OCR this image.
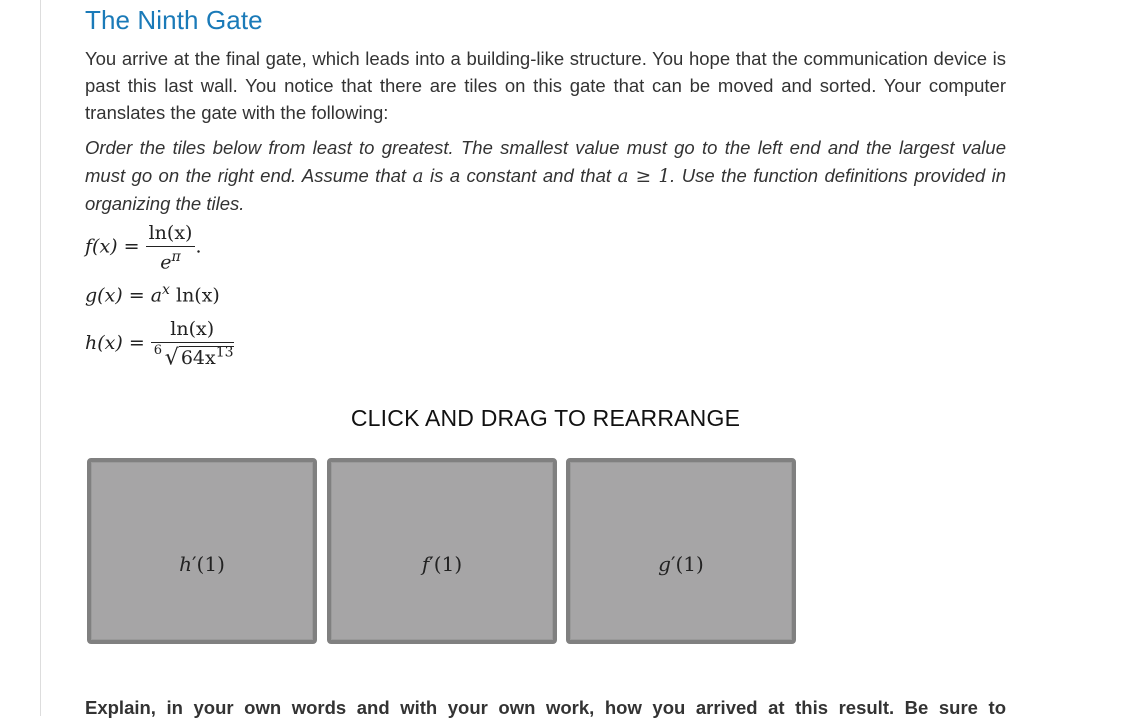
The Ninth Gate

You arrive at the final gate, which leads into a building-like structure. You hope that the communication device is past this last wall. You notice that there are tiles on this gate that can be moved and sorted. Your computer translates the gate with the following:

Order the tiles below from least to greatest. The smallest value must go to the left end and the largest value must go on the right end. Assume that a is a constant and that a ≥ 1. Use the function definitions provided in organizing the tiles.

$f(x) = \frac{\ln(x)}{e^\pi}$ .
$g(x) = a^x$ ln(x)
$h(x) = \frac{\ln(x)}{6 √ 64x^{13}}$
CLICK AND DRAG TO REARRANGE
h′(1)	f′(1)	g′(1)

Explain, in your own words and with your own work, how you arrived at this result. Be sure to
